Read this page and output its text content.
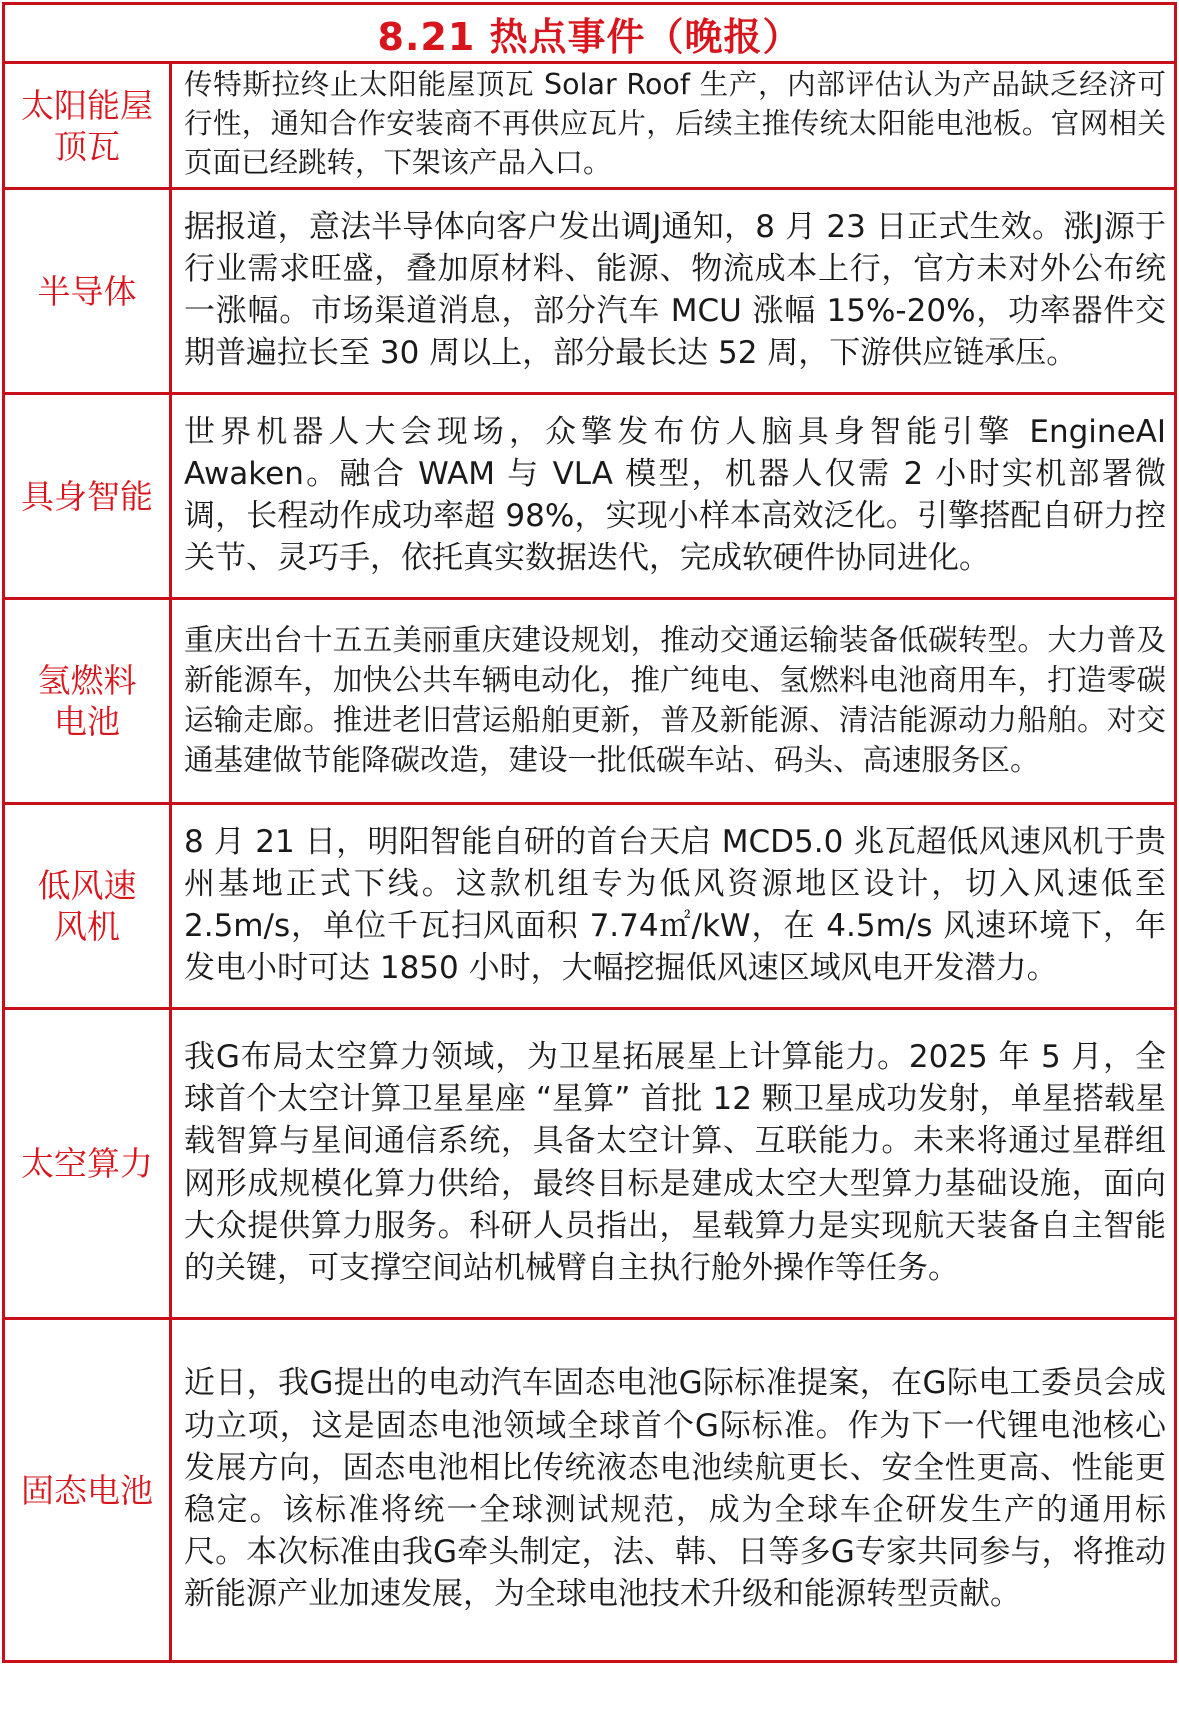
8.21 热点事件（晚报）
太阳能屋
顶瓦
传特斯拉终止太阳能屋顶瓦 Solar Roof 生产，内部评估认为产品缺乏经济可行性，通知合作安装商不再供应瓦片，后续主推传统太阳能电池板。官网相关页面已经跳转，下架该产品入口。
半导体
据报道，意法半导体向客户发出调J通知，8 月 23 日正式生效。涨J源于行业需求旺盛，叠加原材料、能源、物流成本上行，官方未对外公布统一涨幅。市场渠道消息，部分汽车 MCU 涨幅 15%-20%，功率器件交期普遍拉长至 30 周以上，部分最长达 52 周，下游供应链承压。
具身智能
世界机器人大会现场，众擎发布仿人脑具身智能引擎 EngineAI Awaken。融合 WAM 与 VLA 模型，机器人仅需 2 小时实机部署微调，长程动作成功率超 98%，实现小样本高效泛化。引擎搭配自研力控关节、灵巧手，依托真实数据迭代，完成软硬件协同进化。
氢燃料
电池
重庆出台十五五美丽重庆建设规划，推动交通运输装备低碳转型。大力普及新能源车，加快公共车辆电动化，推广纯电、氢燃料电池商用车，打造零碳运输走廊。推进老旧营运船舶更新，普及新能源、清洁能源动力船舶。对交通基建做节能降碳改造，建设一批低碳车站、码头、高速服务区。
低风速
风机
8 月 21 日，明阳智能自研的首台天启 MCD5.0 兆瓦超低风速风机于贵州基地正式下线。这款机组专为低风资源地区设计，切入风速低至 2.5m/s，单位千瓦扫风面积 7.74㎡/kW，在 4.5m/s 风速环境下，年发电小时可达 1850 小时，大幅挖掘低风速区域风电开发潜力。
太空算力
我G布局太空算力领域，为卫星拓展星上计算能力。2025 年 5 月，全球首个太空计算卫星星座 “星算” 首批 12 颗卫星成功发射，单星搭载星载智算与星间通信系统，具备太空计算、互联能力。未来将通过星群组网形成规模化算力供给，最终目标是建成太空大型算力基础设施，面向大众提供算力服务。科研人员指出，星载算力是实现航天装备自主智能的关键，可支撑空间站机械臂自主执行舱外操作等任务。
固态电池
近日，我G提出的电动汽车固态电池G际标准提案，在G际电工委员会成功立项，这是固态电池领域全球首个G际标准。作为下一代锂电池核心发展方向，固态电池相比传统液态电池续航更长、安全性更高、性能更稳定。该标准将统一全球测试规范，成为全球车企研发生产的通用标尺。本次标准由我G牵头制定，法、韩、日等多G专家共同参与，将推动新能源产业加速发展，为全球电池技术升级和能源转型贡献。
